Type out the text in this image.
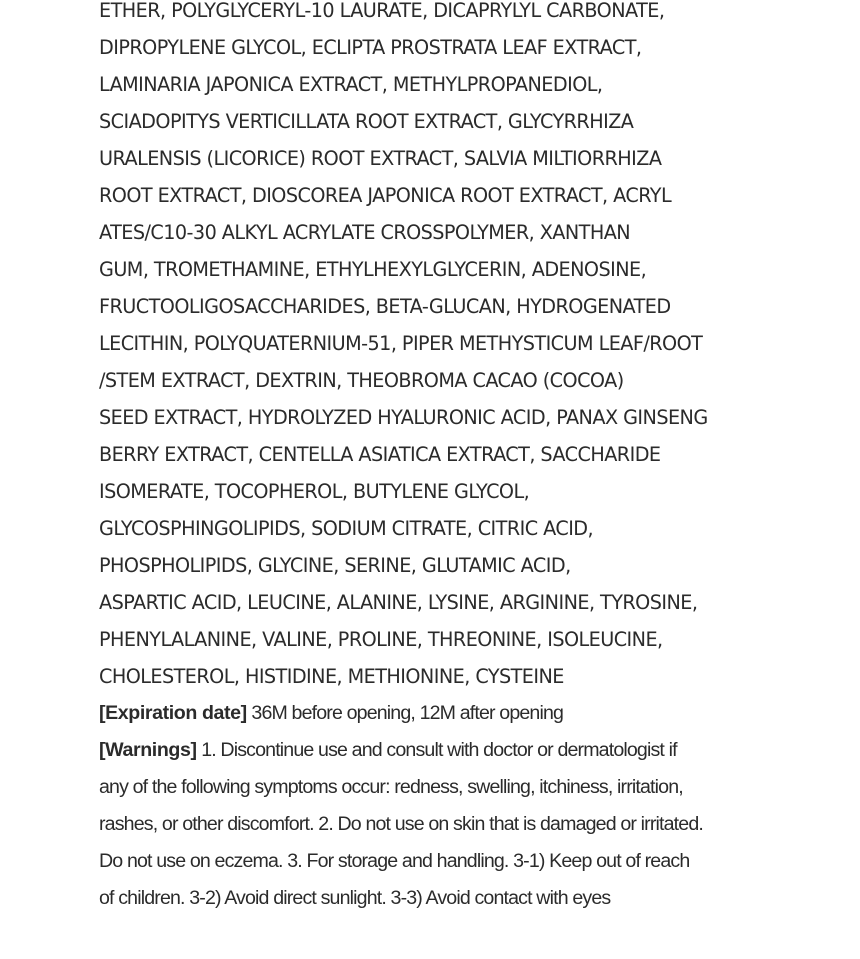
ETHER, POLYGLYCERYL-10 LAURATE, DICAPRYLYL CARBONATE,
DIPROPYLENE GLYCOL, ECLIPTA PROSTRATA LEAF EXTRACT,
LAMINARIA JAPONICA EXTRACT, METHYLPROPANEDIOL,
SCIADOPITYS VERTICILLATA ROOT EXTRACT, GLYCYRRHIZA
URALENSIS (LICORICE) ROOT EXTRACT, SALVIA MILTIORRHIZA
ROOT EXTRACT, DIOSCOREA JAPONICA ROOT EXTRACT, ACRYL
ATES/C10-30 ALKYL ACRYLATE CROSSPOLYMER, XANTHAN
GUM, TROMETHAMINE, ETHYLHEXYLGLYCERIN, ADENOSINE,
FRUCTOOLIGOSACCHARIDES, BETA-GLUCAN, HYDROGENATED
LECITHIN, POLYQUATERNIUM-51, PIPER METHYSTICUM LEAF/ROOT
/STEM EXTRACT, DEXTRIN, THEOBROMA CACAO (COCOA)
SEED EXTRACT, HYDROLYZED HYALURONIC ACID, PANAX GINSENG
BERRY EXTRACT, CENTELLA ASIATICA EXTRACT, SACCHARIDE
ISOMERATE, TOCOPHEROL, BUTYLENE GLYCOL,
GLYCOSPHINGOLIPIDS, SODIUM CITRATE, CITRIC ACID,
PHOSPHOLIPIDS, GLYCINE, SERINE, GLUTAMIC ACID,
ASPARTIC ACID, LEUCINE, ALANINE, LYSINE, ARGININE, TYROSINE,
PHENYLALANINE, VALINE, PROLINE, THREONINE, ISOLEUCINE,
CHOLESTEROL, HISTIDINE, METHIONINE, CYSTEINE
[Expiration date] 36M before opening, 12M after opening
[Warnings] 1. Discontinue use and consult with doctor or dermatologist if
any of the following symptoms occur: redness, swelling, itchiness, irritation,
rashes, or other discomfort. 2. Do not use on skin that is damaged or irritated.
Do not use on eczema. 3. For storage and handling. 3-1) Keep out of reach
of children. 3-2) Avoid direct sunlight. 3-3) Avoid contact with eyes
